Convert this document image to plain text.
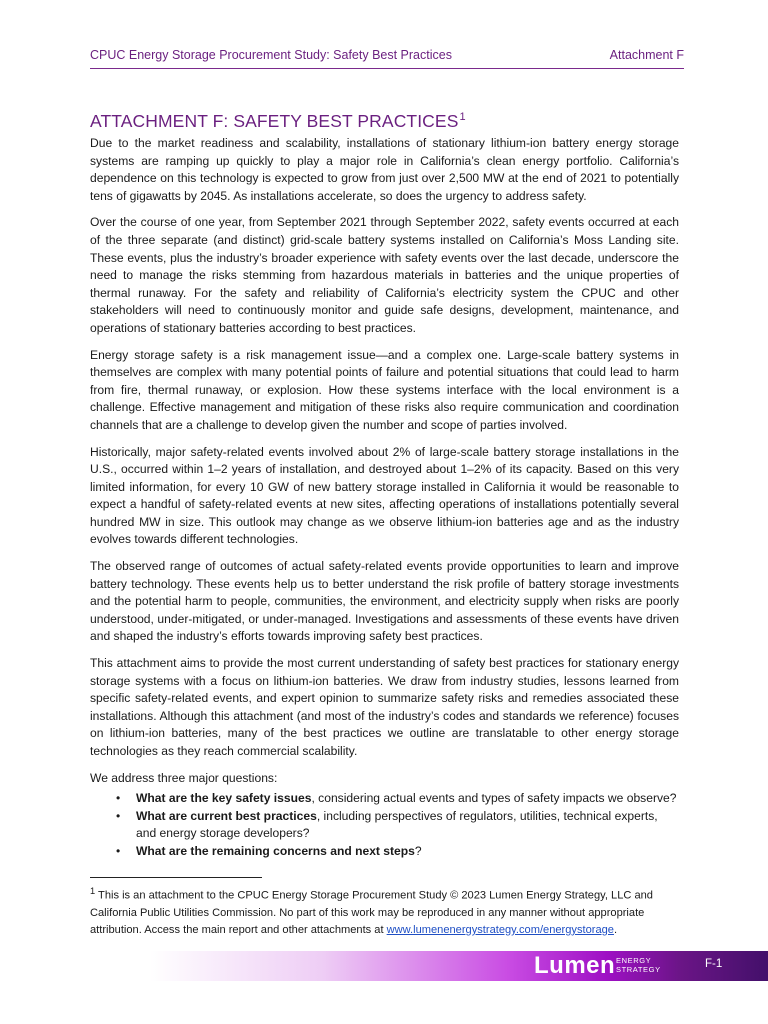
CPUC Energy Storage Procurement Study: Safety Best Practices	Attachment F
ATTACHMENT F: SAFETY BEST PRACTICES$^1$

Due to the market readiness and scalability, installations of stationary lithium-ion battery energy storage systems are ramping up quickly to play a major role in California’s clean energy portfolio. California’s dependence on this technology is expected to grow from just over 2,500 MW at the end of 2021 to potentially tens of gigawatts by 2045. As installations accelerate, so does the urgency to address safety.

Over the course of one year, from September 2021 through September 2022, safety events occurred at each of the three separate (and distinct) grid-scale battery systems installed on California’s Moss Landing site. These events, plus the industry’s broader experience with safety events over the last decade, underscore the need to manage the risks stemming from hazardous materials in batteries and the unique properties of thermal runaway. For the safety and reliability of California’s electricity system the CPUC and other stakeholders will need to continuously monitor and guide safe designs, development, maintenance, and operations of stationary batteries according to best practices.

Energy storage safety is a risk management issue—and a complex one. Large-scale battery systems in themselves are complex with many potential points of failure and potential situations that could lead to harm from fire, thermal runaway, or explosion. How these systems interface with the local environment is a challenge. Effective management and mitigation of these risks also require communication and coordination channels that are a challenge to develop given the number and scope of parties involved.

Historically, major safety-related events involved about 2% of large-scale battery storage installations in the U.S., occurred within 1–2 years of installation, and destroyed about 1–2% of its capacity. Based on this very limited information, for every 10 GW of new battery storage installed in California it would be reasonable to expect a handful of safety-related events at new sites, affecting operations of installations potentially several hundred MW in size. This outlook may change as we observe lithium-ion batteries age and as the industry evolves towards different technologies.

The observed range of outcomes of actual safety-related events provide opportunities to learn and improve battery technology. These events help us to better understand the risk profile of battery storage investments and the potential harm to people, communities, the environment, and electricity supply when risks are poorly understood, under-mitigated, or under-managed. Investigations and assessments of these events have driven and shaped the industry’s efforts towards improving safety best practices.

This attachment aims to provide the most current understanding of safety best practices for stationary energy storage systems with a focus on lithium-ion batteries. We draw from industry studies, lessons learned from specific safety-related events, and expert opinion to summarize safety risks and remedies associated these installations. Although this attachment (and most of the industry’s codes and standards we reference) focuses on lithium-ion batteries, many of the best practices we outline are translatable to other energy storage technologies as they reach commercial scalability.

We address three major questions:

• What are the key safety issues, considering actual events and types of safety impacts we observe?
• What are current best practices, including perspectives of regulators, utilities, technical experts, and energy storage developers?
• What are the remaining concerns and next steps?
$^1$ This is an attachment to the CPUC Energy Storage Procurement Study © 2023 Lumen Energy Strategy, LLC and California Public Utilities Commission. No part of this work may be reproduced in any manner without appropriate attribution. Access the main report and other attachments at www.lumenenergystrategy.com/energystorage.
Lumen ENERGY
STRATEGY	F-1
